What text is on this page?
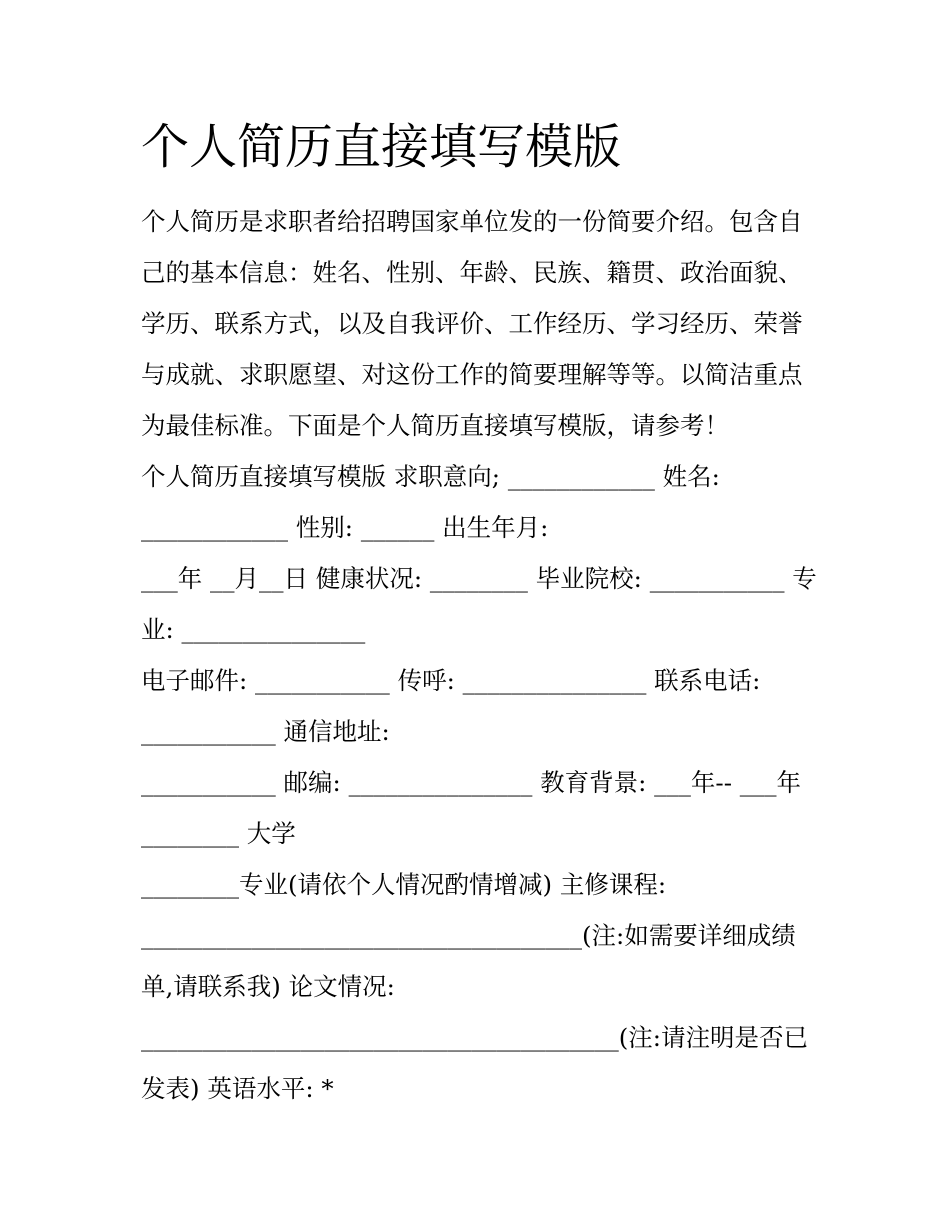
个人简历直接填写模版
个人简历是求职者给招聘国家单位发的一份简要介绍。包含自
己的基本信息：姓名、性别、年龄、民族、籍贯、政治面貌、
学历、联系方式，以及自我评价、工作经历、学习经历、荣誉
与成就、求职愿望、对这份工作的简要理解等等。以简洁重点
为最佳标准。下面是个人简历直接填写模版，请参考！
个人简历直接填写模版 求职意向; ____________ 姓名:
____________ 性别: ______ 出生年月:
___年 __月__日 健康状况: ________ 毕业院校: ___________ 专
业: _______________
电子邮件: ___________ 传呼: _______________ 联系电话:
___________ 通信地址:
___________ 邮编: _______________ 教育背景: ___年-- ___年
________ 大学
________专业(请依个人情况酌情增减) 主修课程:
____________________________________(注:如需要详细成绩
单,请联系我) 论文情况:
_______________________________________(注:请注明是否已
发表) 英语水平: *
